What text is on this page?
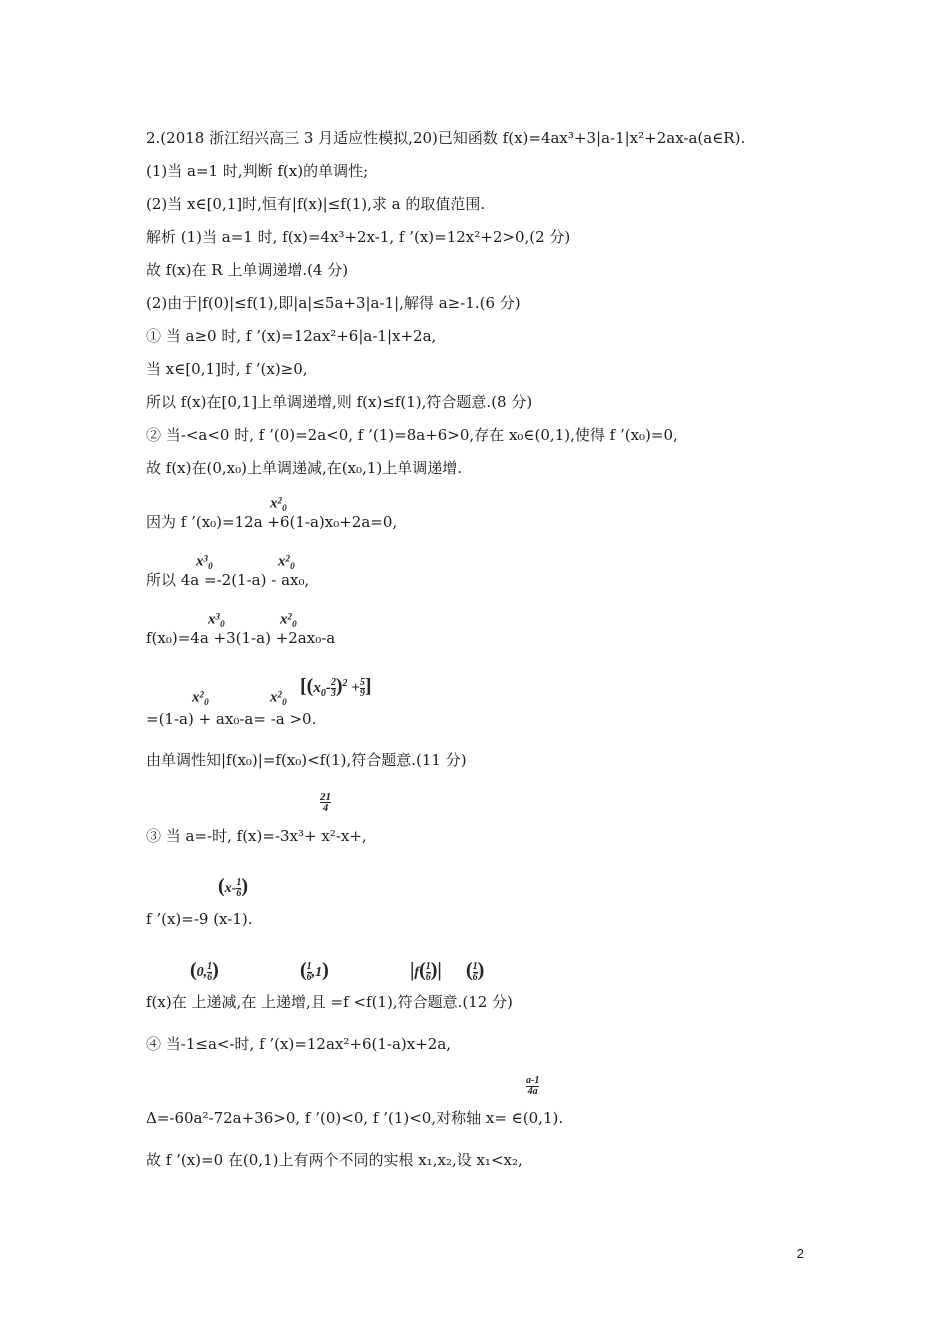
2.(2018 浙江绍兴高三 3 月适应性模拟,20)已知函数 f(x)=4ax³+3|a-1|x²+2ax-a(a∈R).
(1)当 a=1 时,判断 f(x)的单调性;
(2)当 x∈[0,1]时,恒有|f(x)|≤f(1),求 a 的取值范围.
解析 (1)当 a=1 时, f(x)=4x³+2x-1, f ’(x)=12x²+2>0,(2 分)
故 f(x)在 R 上单调递增.(4 分)
(2)由于|f(0)|≤f(1),即|a|≤5a+3|a-1|,解得 a≥-1.(6 分)
① 当 a≥0 时, f ’(x)=12ax²+6|a-1|x+2a,
当 x∈[0,1]时, f ’(x)≥0,
所以 f(x)在[0,1]上单调递增,则 f(x)≤f(1),符合题意.(8 分)
② 当-<a<0 时, f ’(0)=2a<0, f ’(1)=8a+6>0,存在 x₀∈(0,1),使得 f ’(x₀)=0,
故 f(x)在(0,x₀)上单调递减,在(x₀,1)上单调递增.
因为 f ’(x₀)=12a +6(1-a)x₀+2a=0,
所以 4a =-2(1-a) - ax₀,
f(x₀)=4a +3(1-a) +2ax₀-a
=(1-a) + ax₀-a= -a >0.
由单调性知|f(x₀)|=f(x₀)<f(1),符合题意.(11 分)
③ 当 a=-时, f(x)=-3x³+ x²-x+,
f ’(x)=-9 (x-1).
f(x)在 上递减,在 上递增,且 =f <f(1),符合题意.(12 分)
④ 当-1≤a<-时, f ’(x)=12ax²+6(1-a)x+2a,
Δ=-60a²-72a+36>0, f ’(0)<0, f ’(1)<0,对称轴 x= ∈(0,1).
故 f ’(x)=0 在(0,1)上有两个不同的实根 x₁,x₂,设 x₁<x₂,
$x^2_0$
$x^3_0$	$x^2_0$
$x^3_0$	$x^2_0$
$x^2_0$	$x^2_0$
[$(x_0- \frac{2}{3} )^2 + \frac{5}{9}$ ]
$\frac{21}{4}$
($x- \frac{1}{6}$ )
(0, $\frac{1}{6}$ )	( $\frac{1}{6} ,1$)	$|f( \frac{1}{6}$ )| ( $\frac{1}{6}$ )
$\frac{a-1}{4a}$
2
